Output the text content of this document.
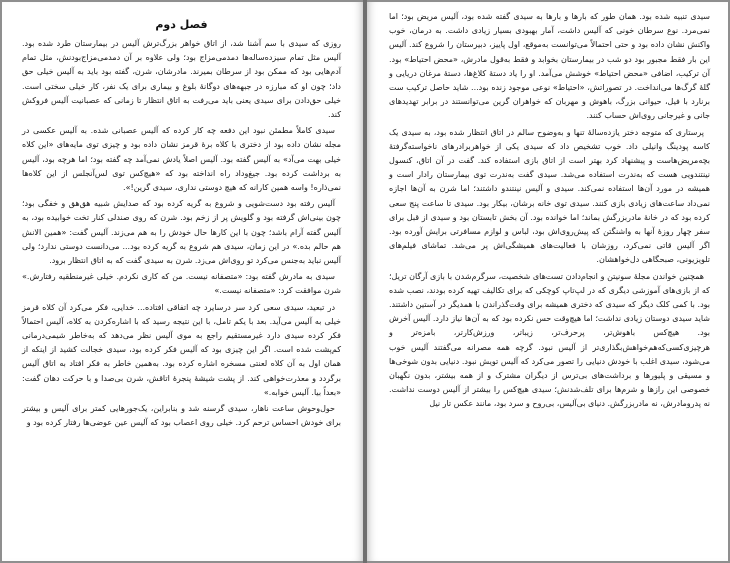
فصل دوم

روزی که سیدی با سم آشنا شد، از اتاق خواهر بزرگ‌ترش آلیس در بیمارستان طرد شده بود. آلیس مثل تمام سیزده‌ساله‌ها دمدمی‌مزاج بود؛ ولی علاوه بر آن دمدمی‌مزاج‌بودنش، مثل تمام آدم‌هایی بود که ممکن بود از سرطان بمیرند. مادرشان، شرن، گفته بود باید به آلیس خیلی حق داد؛ چون او که مبارزه در جبهه‌های دوگانهٔ بلوغ و بیماری برای یک نفر، کار خیلی سختی است. خیلی حق‌دادن برای سیدی یعنی باید می‌رفت به اتاق انتظار تا زمانی که عصبانیت آلیس فروکش کند.

سیدی کاملاً مطمئن نبود این دفعه چه کار کرده که آلیس عصبانی شده. به آلیس عکسی در مجله نشان داده بود از دختری با کلاه برهٔ قرمز نشان داده بود و چیزی توی مایه‌های «این کلاه خیلی بهت می‌آد» به آلیس گفته بود. آلیس اصلاً یادش نمی‌آمد چه گفته بود؛ اما هرچه بود، آلیس به برداشت کرده بود. جیغ‌وداد راه انداخته بود که «هیچ‌کس توی لس‌آنجلس از این کلاه‌ها نمی‌ذاره! واسه همین کارانه که هیچ دوستی نداری، سیدی گرین!».

آلیس رفته بود دست‌شویی و شروع به گریه کرده بود که صدایش شبیه هق‌هق و خفگی بود؛ چون بینی‌اش گرفته بود و گلویش پر از زخم بود. شرن که روی صندلی کنار تخت خوابیده بود، به آلیس گفته آرام باشد؛ چون با این کارها حال خودش را به هم می‌زند. آلیس گفت: «همین الانش هم حالم بده.» در این زمان، سیدی هم شروع به گریه کرده بود... می‌دانست دوستی ندارد؛ ولی آلیس نباید به‌جنس می‌کرد تو روی‌اش می‌زد. شرن به سیدی گفت که به اتاق انتظار برود.

سیدی به مادرش گفته بود: «متصفانه نیست. من که کاری نکردم. خیلی غیرمنطقیه رفتارش.» شرن موافقت کرد: «متصفانه نیست.»

در تبعید، سیدی سعی کرد سر درسایرد چه اتفاقی افتاده... خدایی، فکر می‌کرد آن کلاه قرمز خیلی به آلیس می‌آید. بعد با یکم تامل، با این نتیجه رسید که با اشاره‌کردن به کلاه، آلیس احتمالاً فکر کرده سیدی دارد غیرمستقیم راجع به موی آلیس نظر می‌دهد که به‌خاطر شیمی‌درمانی کم‌پشت شده است. اگر این چیزی بود که آلیس فکر کرده بود، سیدی خجالت کشید از اینکه از همان اول به آن کلاه لعنتی مسخره اشاره کرده بود. به‌همین خاطر به فکر افتاد به اتاق آلیس برگردد و معذرت‌خواهی کند. از پشت شیشهٔ پنجرهٔ اتاقش، شرن بی‌صدا و با حرکت دهان گفت: «بعداً بیا. آلیس خوابه.»

حول‌وحوش ساعت ناهار، سیدی گرسنه شد و بنابراین، یک‌جورهایی کمتر برای آلیس و بیشتر برای خودش احساس ترحم کرد. خیلی روی اعصاب بود که آلیس عین عوضی‌ها رفتار کرده بود و

سیدی تنبیه شده بود. همان طور که بارها و بارها به سیدی گفته شده بود، آلیس مریض بود؛ اما نمی‌مرد. نوع سرطان خونی که آلیس داشت، آمار بهبودی بسیار زیادی داشت. به درمان، خوب واکنش نشان داده بود و حتی احتمالاً می‌توانست به‌موقع، اول پاییز، دبیرستان را شروع کند. آلیس این بار فقط مجبور بود دو شب در بیمارستان بخوابد و فقط به‌قول مادرش، «محض احتیاط» بود. آن ترکیب، اضافی «محض احتیاط» خوشش می‌آمد. او را یاد دستهٔ کلاغ‌ها، دستهٔ مرغان دریایی و گلهٔ گرگ‌ها می‌انداخت. در تصوراتش، «احتیاط» نوعی موجود زنده بود... شاید حاصل ترکیب ست برنارد با فیل، حیوانی بزرگ، باهوش و مهربان که خواهران گرین می‌توانستند در برابر تهدیدهای جانی و غیرجانی روی‌اش حساب کنند.

پرستاری که متوجه دختر یازده‌سالهٔ تنها و به‌وضوح سالم در اتاق انتظار شده بود، به سیدی یک کاسه پودینگ وانیلی داد. خوب تشخیص داد که سیدی یکی از خواهربرادرهای ناخواسته‌گرفتهٔ بچه‌مریض‌هاست و پیشنهاد کرد بهتر است از اتاق بازی استفاده کند. گفت در آن اتاق، کنسول نینتندویی هست که به‌ندرت استفاده می‌شد. سیدی گفت به‌ندرت توی بیمارستان رادار است و همیشه در مورد آن‌ها استفاده نمی‌کند. سیدی و آلیس نینتندو داشتند؛ اما شرن به آن‌ها اجازه نمی‌داد ساعت‌های زیادی بازی کنند. سیدی توی خانه برشان، بیکار بود. سیدی تا ساعت پنج سعی کرده بود که در خانهٔ مادربزرگش بماند؛ اما خوانده بود. آن بخش تابستان بود و سیدی از قبل برای سفر چهار روزهٔ آنها به واشنگتن که پیش‌روی‌اش بود، لباس و لوازم مسافرتی برایش آورده بود. اگر آلیس قاتی نمی‌کرد، روزشان با فعالیت‌های همیشگی‌اش پر می‌شد. تماشای فیلم‌های تلویزیونی، صبحگاهی دل‌خواهشان.

همچنین خواندن مجلهٔ سونیتن و انجام‌دادن تست‌های شخصیت، سرگرم‌شدن با بازی آرگان تریل؛ که از بازی‌های آموزشی دیگری که در لپ‌تاپ کوچکی که برای تکالیف تهیه کرده بودند، نصب شده بود. با کمی کلک دیگر که سیدی که دختری همیشه برای وقت‌گذراندن با همدیگر در آستین داشتند. شاید سیدی دوستان زیادی نداشت؛ اما هیچ‌وقت حس نکرده بود که به آن‌ها نیاز دارد. آلیس آخرش بود. هیچ‌کس باهوش‌تر، پرحرف‌تر، زیباتر، ورزش‌کارتر، بامزه‌تر و هرچیزی‌کسی‌که‌هم‌خواهش‌بگذاری‌تر از آلیس نبود. گرچه همه مصرانه می‌گفتند آلیس خوب می‌شود، سیدی اغلب با خودش دنیایی را تصور می‌کرد که آلیس تویش نبود. دنیایی بدون شوخی‌ها و مسیقی و پلیورها و برداشت‌های بی‌ترس از دیگران مشترک و از همه بیشتر، بدون نگهبان خصوصی این رازها و شرم‌ها برای تلف‌شدنش؛ سیدی هیچ‌کس را بیشتر از آلیس دوست نداشت. نه پدرومادرش، نه مادربزرگش. دنیای بی‌آلیس، بی‌روح و سرد بود، مانند عکس تار نیل
